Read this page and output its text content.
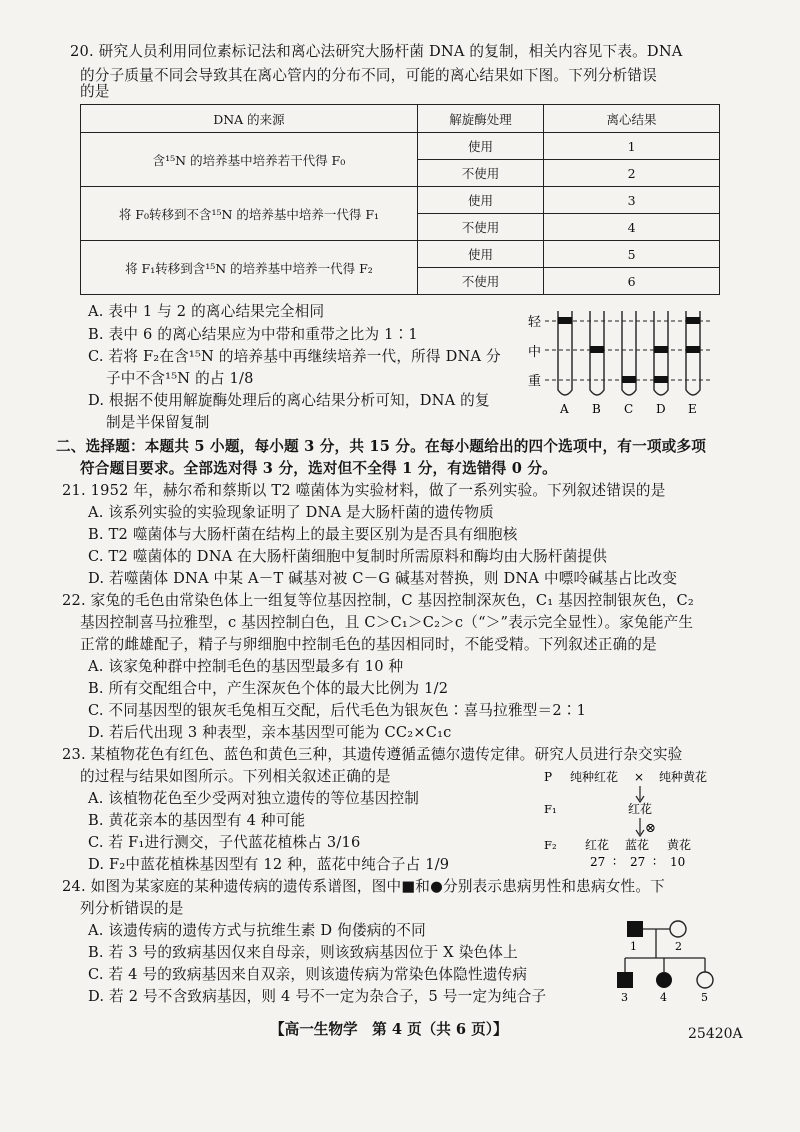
20. 研究人员利用同位素标记法和离心法研究大肠杆菌 DNA 的复制，相关内容见下表。DNA
的分子质量不同会导致其在离心管内的分布不同，可能的离心结果如下图。下列分析错误
的是
DNA 的来源	解旋酶处理	离心结果
含¹⁵N 的培养基中培养若干代得 F₀	使用	1
	不使用	2
将 F₀转移到不含¹⁵N 的培养基中培养一代得 F₁	使用	3
	不使用	4
将 F₁转移到含¹⁵N 的培养基中培养一代得 F₂	使用	5
	不使用	6
A. 表中 1 与 2 的离心结果完全相同
B. 表中 6 的离心结果应为中带和重带之比为 1∶1
C. 若将 F₂在含¹⁵N 的培养基中再继续培养一代，所得 DNA 分
子中不含¹⁵N 的占 1/8
D. 根据不使用解旋酶处理后的离心结果分析可知，DNA 的复
制是半保留复制
轻
中
重
A B C D E
二、选择题：本题共 5 小题，每小题 3 分，共 15 分。在每小题给出的四个选项中，有一项或多项
符合题目要求。全部选对得 3 分，选对但不全得 1 分，有选错得 0 分。
21. 1952 年，赫尔希和蔡斯以 T2 噬菌体为实验材料，做了一系列实验。下列叙述错误的是
A. 该系列实验的实验现象证明了 DNA 是大肠杆菌的遗传物质
B. T2 噬菌体与大肠杆菌在结构上的最主要区别为是否具有细胞核
C. T2 噬菌体的 DNA 在大肠杆菌细胞中复制时所需原料和酶均由大肠杆菌提供
D. 若噬菌体 DNA 中某 A－T 碱基对被 C－G 碱基对替换，则 DNA 中嘌呤碱基占比改变
22. 家兔的毛色由常染色体上一组复等位基因控制，C 基因控制深灰色，C₁ 基因控制银灰色，C₂
基因控制喜马拉雅型，c 基因控制白色，且 C＞C₁＞C₂＞c（“＞”表示完全显性）。家兔能产生
正常的雌雄配子，精子与卵细胞中控制毛色的基因相同时，不能受精。下列叙述正确的是
A. 该家兔种群中控制毛色的基因型最多有 10 种
B. 所有交配组合中，产生深灰色个体的最大比例为 1/2
C. 不同基因型的银灰毛兔相互交配，后代毛色为银灰色∶喜马拉雅型＝2∶1
D. 若后代出现 3 种表型，亲本基因型可能为 CC₂×C₁c
23. 某植物花色有红色、蓝色和黄色三种，其遗传遵循孟德尔遗传定律。研究人员进行杂交实验
的过程与结果如图所示。下列相关叙述正确的是
A. 该植物花色至少受两对独立遗传的等位基因控制
B. 黄花亲本的基因型有 4 种可能
C. 若 F₁进行测交，子代蓝花植株占 3/16
D. F₂中蓝花植株基因型有 12 种，蓝花中纯合子占 1/9
P 纯种红花 × 纯种黄花
F₁	红花
⊗
F₂ 红花 蓝花 黄花
27 ∶ 27 ∶ 10
24. 如图为某家庭的某种遗传病的遗传系谱图，图中■和●分别表示患病男性和患病女性。下
列分析错误的是
A. 该遗传病的遗传方式与抗维生素 D 佝偻病的不同
B. 若 3 号的致病基因仅来自母亲，则该致病基因位于 X 染色体上
C. 若 4 号的致病基因来自双亲，则该遗传病为常染色体隐性遗传病
D. 若 2 号不含致病基因，则 4 号不一定为杂合子，5 号一定为纯合子
1	2
3	4	5
【高一生物学　第 4 页（共 6 页）】	25420A
